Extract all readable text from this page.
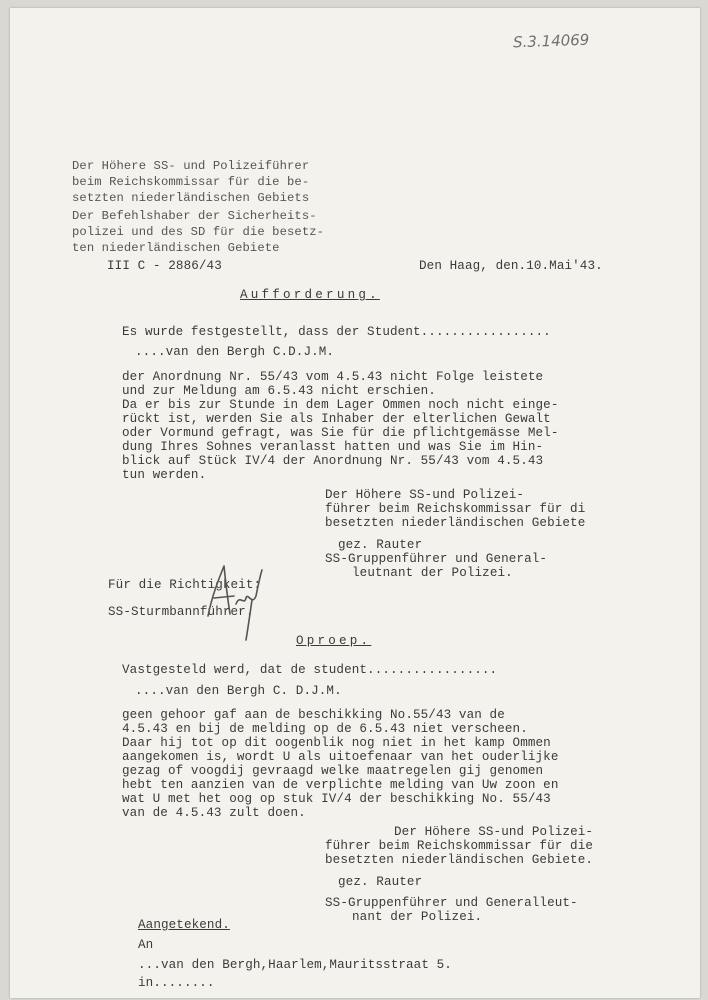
S.3.14069
Der Höhere SS- und Polizeiführer
beim Reichskommissar für die be-
setzten niederländischen Gebiets
Der Befehlshaber der Sicherheits-
polizei und des SD für die besetz-
ten niederländischen Gebiete
III C - 2886/43	Den Haag, den.10.Mai'43.
Aufforderung.
Es wurde festgestellt, dass der Student.................
....van den Bergh C.D.J.M.
der Anordnung Nr. 55/43 vom 4.5.43 nicht Folge leistete
und zur Meldung am 6.5.43 nicht erschien.
Da er bis zur Stunde in dem Lager Ommen noch nicht einge-
rückt ist, werden Sie als Inhaber der elterlichen Gewalt
oder Vormund gefragt, was Sie für die pflichtgemässe Mel-
dung Ihres Sohnes veranlasst hatten und was Sie im Hin-
blick auf Stück IV/4 der Anordnung Nr. 55/43 vom 4.5.43
tun werden.
Der Höhere SS-und Polizei-
führer beim Reichskommissar für di
besetzten niederländischen Gebiete
gez. Rauter
SS-Gruppenführer und General-
leutnant der Polizei.
Für die Richtigkeit:
SS-Sturmbannführer.
Oproep.
Vastgesteld werd, dat de student.................
....van den Bergh C. D.J.M.
geen gehoor gaf aan de beschikking No.55/43 van de
4.5.43 en bij de melding op de 6.5.43 niet verscheen.
Daar hij tot op dit oogenblik nog niet in het kamp Ommen
aangekomen is, wordt U als uitoefenaar van het ouderlijke
gezag of voogdij gevraagd welke maatregelen gij genomen
hebt ten aanzien van de verplichte melding van Uw zoon en
wat U met het oog op stuk IV/4 der beschikking No. 55/43
van de 4.5.43 zult doen.
Der Höhere SS-und Polizei-
führer beim Reichskommissar für die
besetzten niederländischen Gebiete.
gez. Rauter
SS-Gruppenführer und Generalleut-
nant der Polizei.
Aangetekend.
An
...van den Bergh,Haarlem,Mauritsstraat 5.
in........
